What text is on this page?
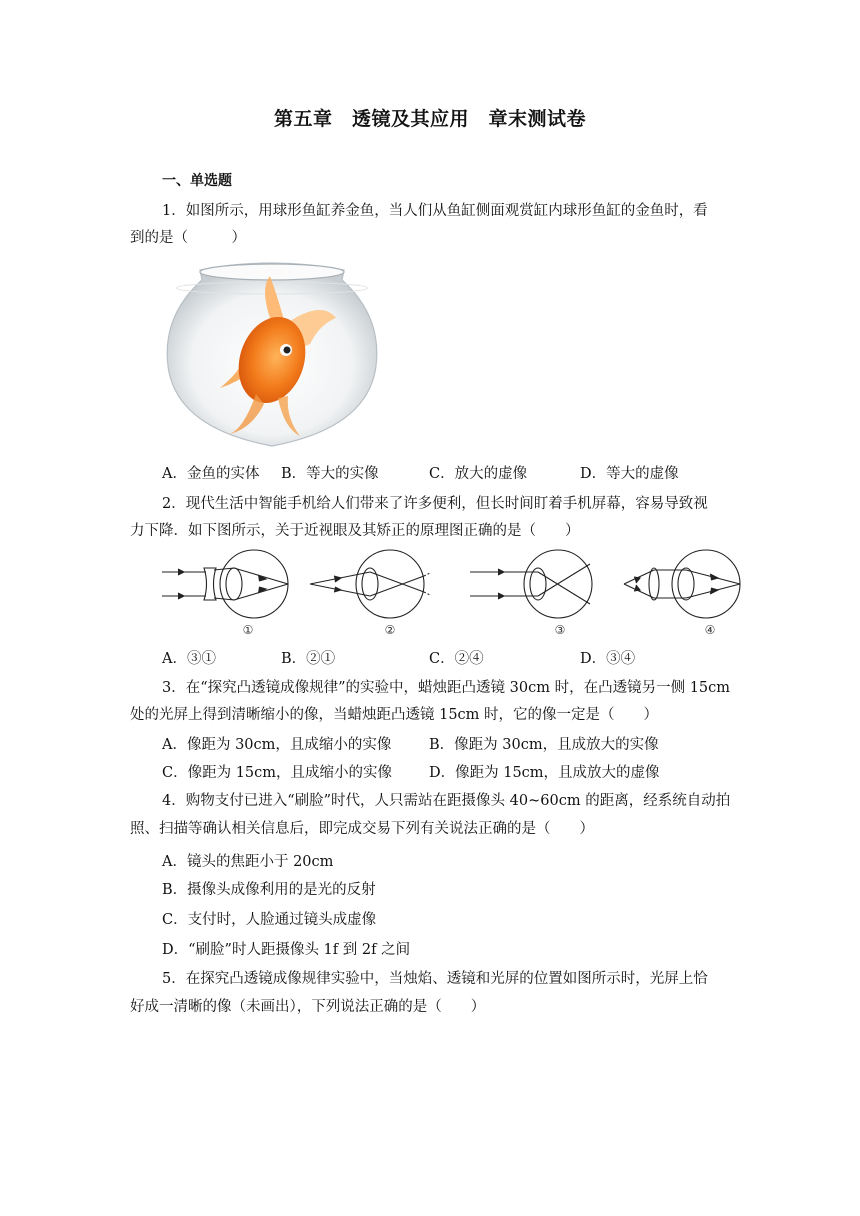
第五章　透镜及其应用　章末测试卷
一、单选题
1．如图所示，用球形鱼缸养金鱼，当人们从鱼缸侧面观赏缸内球形鱼缸的金鱼时，看
到的是（　　　）
A．金鱼的实体 B．等大的实像	C．放大的虚像	D．等大的虚像
2．现代生活中智能手机给人们带来了许多便利，但长时间盯着手机屏幕，容易导致视
力下降．如下图所示，关于近视眼及其矫正的原理图正确的是（　　）
①	②	③	④
A．③①	B．②①	C．②④	D．③④
3．在“探究凸透镜成像规律”的实验中，蜡烛距凸透镜 30cm 时，在凸透镜另一侧 15cm
处的光屏上得到清晰缩小的像，当蜡烛距凸透镜 15cm 时，它的像一定是（　　）
A．像距为 30cm，且成缩小的实像	B．像距为 30cm，且成放大的实像
C．像距为 15cm，且成缩小的实像	D．像距为 15cm，且成放大的虚像
4．购物支付已进入“刷脸”时代，人只需站在距摄像头 40~60cm 的距离，经系统自动拍
照、扫描等确认相关信息后，即完成交易下列有关说法正确的是（　　）
A．镜头的焦距小于 20cm
B．摄像头成像利用的是光的反射
C．支付时，人脸通过镜头成虚像
D．“刷脸”时人距摄像头 1f 到 2f 之间
5．在探究凸透镜成像规律实验中，当烛焰、透镜和光屏的位置如图所示时，光屏上恰
好成一清晰的像（未画出），下列说法正确的是（　　）
